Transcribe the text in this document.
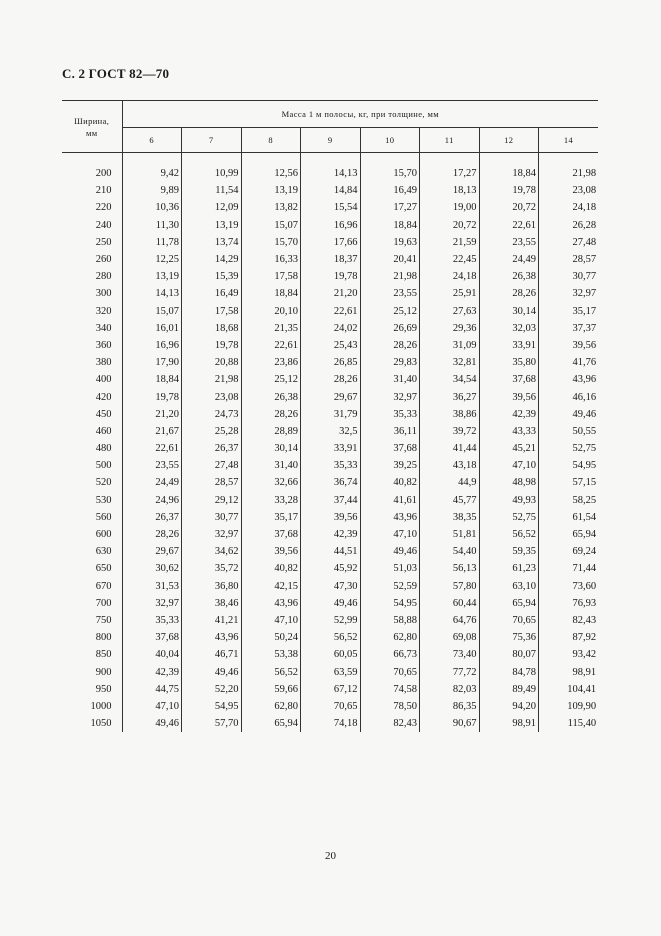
С. 2 ГОСТ 82—70
Ширина,
мм	Масса 1 м полосы, кг, при толщине, мм							
	6	7	8	9	10	11	12	14

200	9,42	10,99	12,56	14,13	15,70	17,27	18,84	21,98
210	9,89	11,54	13,19	14,84	16,49	18,13	19,78	23,08
220	10,36	12,09	13,82	15,54	17,27	19,00	20,72	24,18
240	11,30	13,19	15,07	16,96	18,84	20,72	22,61	26,28
250	11,78	13,74	15,70	17,66	19,63	21,59	23,55	27,48
260	12,25	14,29	16,33	18,37	20,41	22,45	24,49	28,57
280	13,19	15,39	17,58	19,78	21,98	24,18	26,38	30,77
300	14,13	16,49	18,84	21,20	23,55	25,91	28,26	32,97
320	15,07	17,58	20,10	22,61	25,12	27,63	30,14	35,17
340	16,01	18,68	21,35	24,02	26,69	29,36	32,03	37,37
360	16,96	19,78	22,61	25,43	28,26	31,09	33,91	39,56
380	17,90	20,88	23,86	26,85	29,83	32,81	35,80	41,76
400	18,84	21,98	25,12	28,26	31,40	34,54	37,68	43,96
420	19,78	23,08	26,38	29,67	32,97	36,27	39,56	46,16
450	21,20	24,73	28,26	31,79	35,33	38,86	42,39	49,46
460	21,67	25,28	28,89	32,5	36,11	39,72	43,33	50,55
480	22,61	26,37	30,14	33,91	37,68	41,44	45,21	52,75
500	23,55	27,48	31,40	35,33	39,25	43,18	47,10	54,95
520	24,49	28,57	32,66	36,74	40,82	44,9	48,98	57,15
530	24,96	29,12	33,28	37,44	41,61	45,77	49,93	58,25
560	26,37	30,77	35,17	39,56	43,96	38,35	52,75	61,54
600	28,26	32,97	37,68	42,39	47,10	51,81	56,52	65,94
630	29,67	34,62	39,56	44,51	49,46	54,40	59,35	69,24
650	30,62	35,72	40,82	45,92	51,03	56,13	61,23	71,44
670	31,53	36,80	42,15	47,30	52,59	57,80	63,10	73,60
700	32,97	38,46	43,96	49,46	54,95	60,44	65,94	76,93
750	35,33	41,21	47,10	52,99	58,88	64,76	70,65	82,43
800	37,68	43,96	50,24	56,52	62,80	69,08	75,36	87,92
850	40,04	46,71	53,38	60,05	66,73	73,40	80,07	93,42
900	42,39	49,46	56,52	63,59	70,65	77,72	84,78	98,91
950	44,75	52,20	59,66	67,12	74,58	82,03	89,49	104,41
1000	47,10	54,95	62,80	70,65	78,50	86,35	94,20	109,90
1050	49,46	57,70	65,94	74,18	82,43	90,67	98,91	115,40
20
